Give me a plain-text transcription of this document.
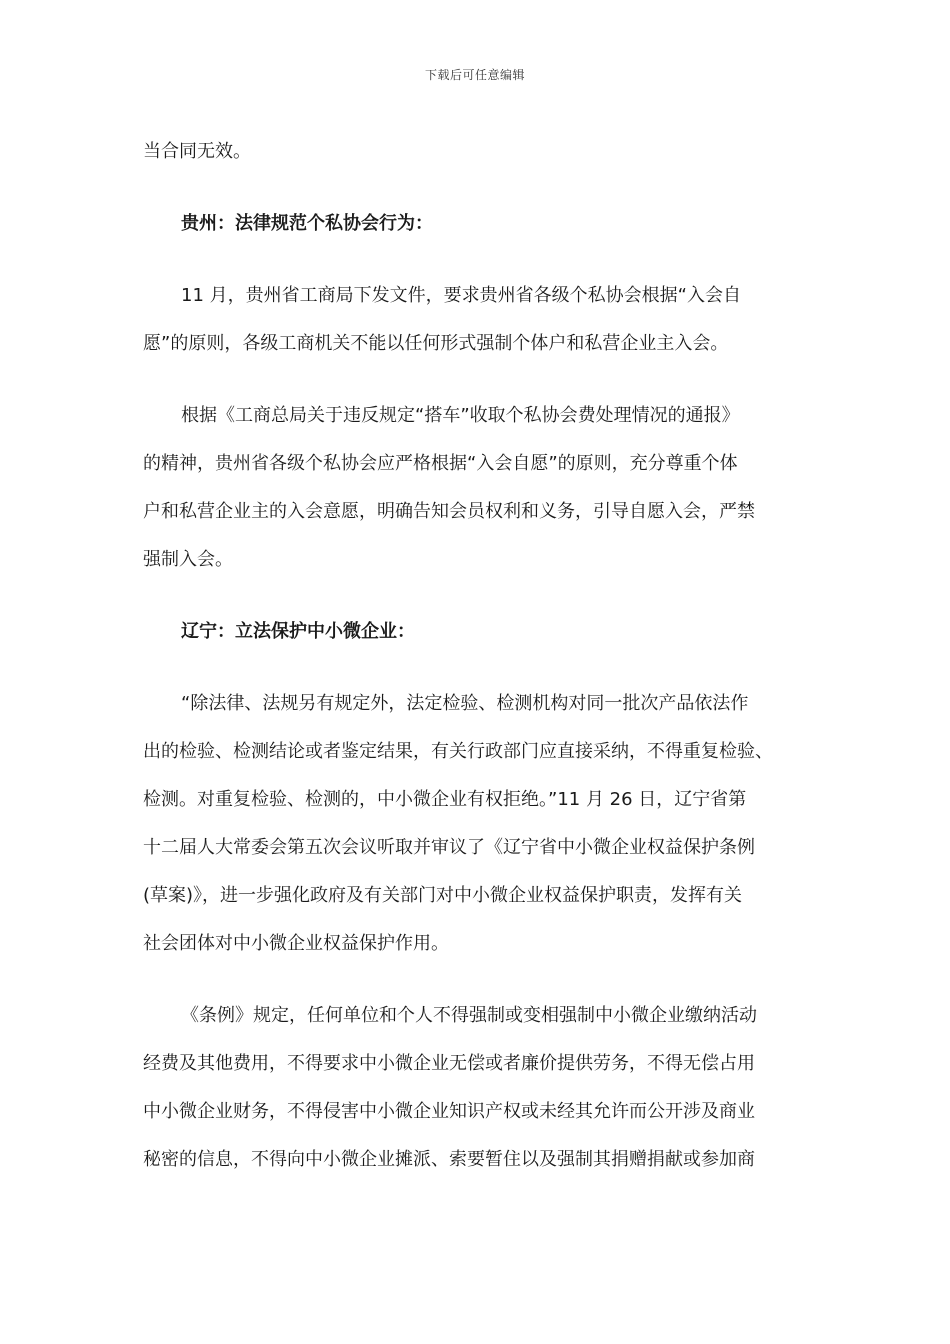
下载后可任意编辑
当合同无效。
贵州：法律规范个私协会行为：
11 月，贵州省工商局下发文件，要求贵州省各级个私协会根据“入会自
愿”的原则，各级工商机关不能以任何形式强制个体户和私营企业主入会。
根据《工商总局关于违反规定“搭车”收取个私协会费处理情况的通报》
的精神，贵州省各级个私协会应严格根据“入会自愿”的原则，充分尊重个体
户和私营企业主的入会意愿，明确告知会员权利和义务，引导自愿入会，严禁
强制入会。
辽宁：立法保护中小微企业：
“除法律、法规另有规定外，法定检验、检测机构对同一批次产品依法作
出的检验、检测结论或者鉴定结果，有关行政部门应直接采纳，不得重复检验、
检测。对重复检验、检测的，中小微企业有权拒绝。”11 月 26 日，辽宁省第
十二届人大常委会第五次会议听取并审议了《辽宁省中小微企业权益保护条例
(草案)》，进一步强化政府及有关部门对中小微企业权益保护职责，发挥有关
社会团体对中小微企业权益保护作用。
《条例》规定，任何单位和个人不得强制或变相强制中小微企业缴纳活动
经费及其他费用，不得要求中小微企业无偿或者廉价提供劳务，不得无偿占用
中小微企业财务，不得侵害中小微企业知识产权或未经其允许而公开涉及商业
秘密的信息，不得向中小微企业摊派、索要暂住以及强制其捐赠捐献或参加商
